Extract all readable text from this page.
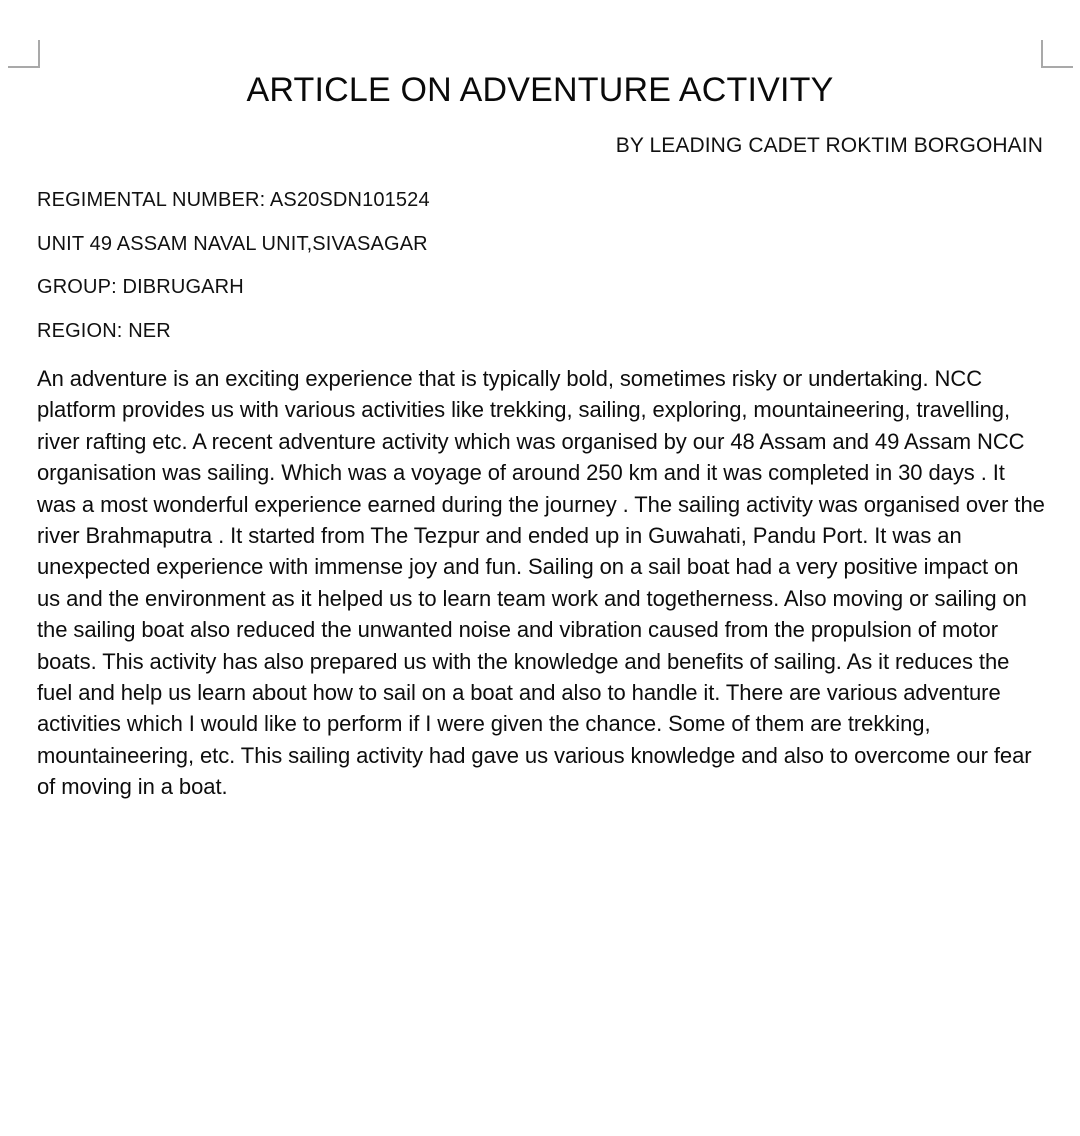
ARTICLE ON ADVENTURE ACTIVITY
BY LEADING CADET ROKTIM BORGOHAIN
REGIMENTAL NUMBER: AS20SDN101524
UNIT 49 ASSAM NAVAL UNIT,SIVASAGAR
GROUP: DIBRUGARH
REGION: NER

An adventure is an exciting experience that is typically bold, sometimes risky or undertaking. NCC platform provides us with various activities like trekking, sailing, exploring, mountaineering, travelling, river rafting etc. A recent adventure activity which was organised by our 48 Assam and 49 Assam NCC organisation was sailing. Which was a voyage of around 250 km and it was completed in 30 days . It was a most wonderful experience earned during the journey . The sailing activity was organised over the river Brahmaputra . It started from The Tezpur and ended up in Guwahati, Pandu Port. It was an unexpected experience with immense joy and fun. Sailing on a sail boat had a very positive impact on us and the environment as it helped us to learn team work and togetherness. Also moving or sailing on the sailing boat also reduced the unwanted noise and vibration caused from the propulsion of motor boats. This activity has also prepared us with the knowledge and benefits of sailing. As it reduces the fuel and help us learn about how to sail on a boat and also to handle it. There are various adventure activities which I would like to perform if I were given the chance. Some of them are trekking, mountaineering, etc. This sailing activity had gave us various knowledge and also to overcome our fear of moving in a boat.
